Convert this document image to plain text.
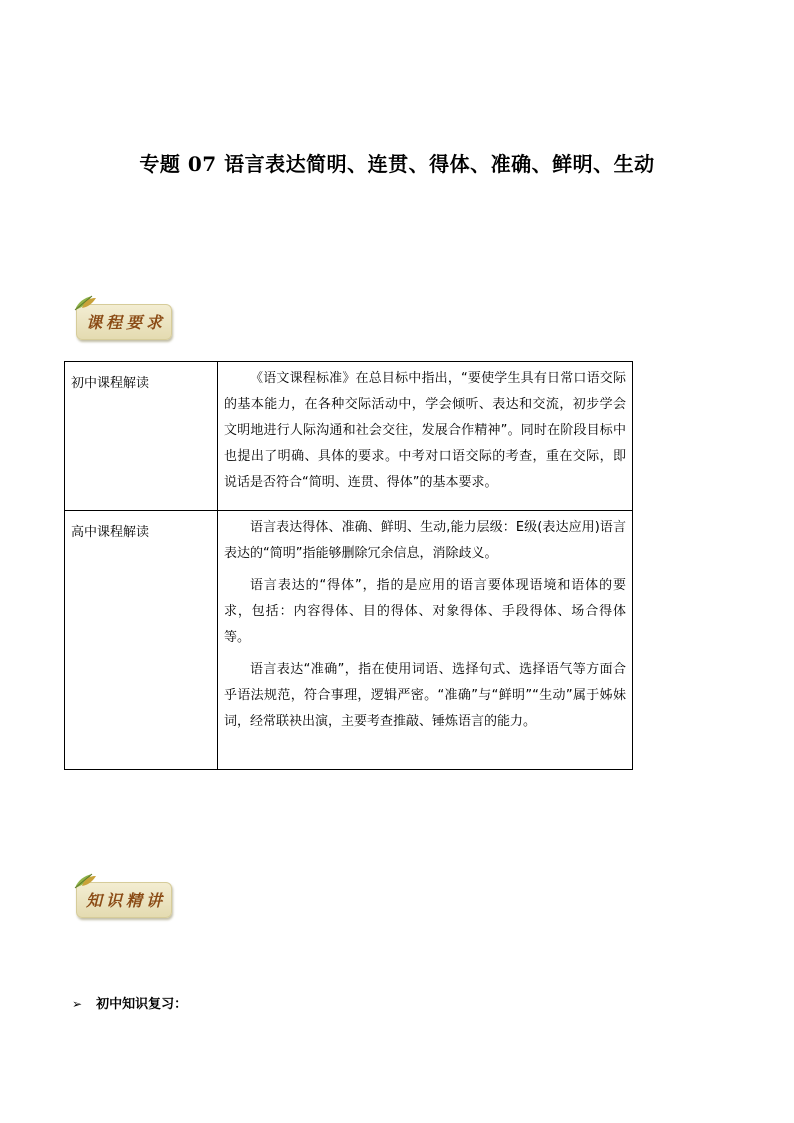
专题 07 语言表达简明、连贯、得体、准确、鲜明、生动
课程要求
初中课程解读	《语文课程标准》在总目标中指出，“要使学生具有日常口语交际的基本能力，在各种交际活动中，学会倾听、表达和交流，初步学会文明地进行人际沟通和社会交往，发展合作精神”。同时在阶段目标中也提出了明确、具体的要求。中考对口语交际的考查，重在交际，即说话是否符合“简明、连贯、得体”的基本要求。

高中课程解读	语言表达得体、准确、鲜明、生动,能力层级：E级(表达应用)语言表达的“简明”指能够删除冗余信息，消除歧义。

语言表达的“得体”，指的是应用的语言要体现语境和语体的要求，包括：内容得体、目的得体、对象得体、手段得体、场合得体等。

语言表达“准确”，指在使用词语、选择句式、选择语气等方面合乎语法规范，符合事理，逻辑严密。“准确”与“鲜明”“生动”属于姊妹词，经常联袂出演，主要考查推敲、锤炼语言的能力。

知识精讲
➢ 初中知识复习：
